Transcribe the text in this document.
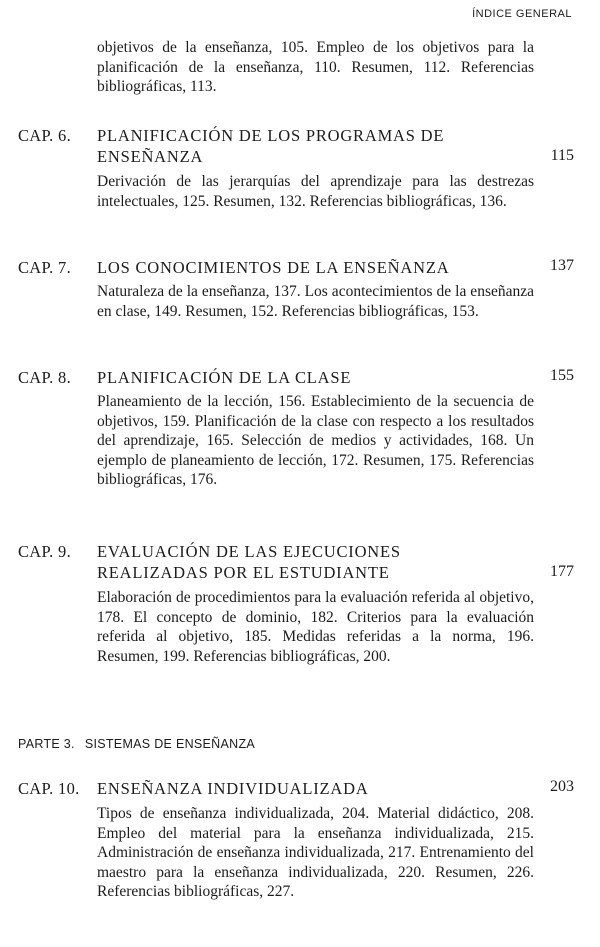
ÍNDICE GENERAL

objetivos de la enseñanza, 105. Empleo de los objetivos para la planificación de la enseñanza, 110. Resumen, 112. Referencias bibliográficas, 113.

CAP. 6. PLANIFICACIÓN DE LOS PROGRAMAS DE
ENSEÑANZA	115

Derivación de las jerarquías del aprendizaje para las destrezas intelectuales, 125. Resumen, 132. Referencias bibliográficas, 136.

CAP. 7. LOS CONOCIMIENTOS DE LA ENSEÑANZA	137

Naturaleza de la enseñanza, 137. Los acontecimientos de la enseñanza en clase, 149. Resumen, 152. Referencias bibliográficas, 153.

CAP. 8. PLANIFICACIÓN DE LA CLASE	155

Planeamiento de la lección, 156. Establecimiento de la secuencia de objetivos, 159. Planificación de la clase con respecto a los resultados del aprendizaje, 165. Selección de medios y actividades, 168. Un ejemplo de planeamiento de lección, 172. Resumen, 175. Referencias bibliográficas, 176.

CAP. 9. EVALUACIÓN DE LAS EJECUCIONES
REALIZADAS POR EL ESTUDIANTE	177

Elaboración de procedimientos para la evaluación referida al objetivo, 178. El concepto de dominio, 182. Criterios para la evaluación referida al objetivo, 185. Medidas referidas a la norma, 196. Resumen, 199. Referencias bibliográficas, 200.

PARTE 3. SISTEMAS DE ENSEÑANZA
CAP. 10. ENSEÑANZA INDIVIDUALIZADA	203

Tipos de enseñanza individualizada, 204. Material didáctico, 208. Empleo del material para la enseñanza individualizada, 215. Administración de enseñanza individualizada, 217. Entrenamiento del maestro para la enseñanza individualizada, 220. Resumen, 226. Referencias bibliográficas, 227.
